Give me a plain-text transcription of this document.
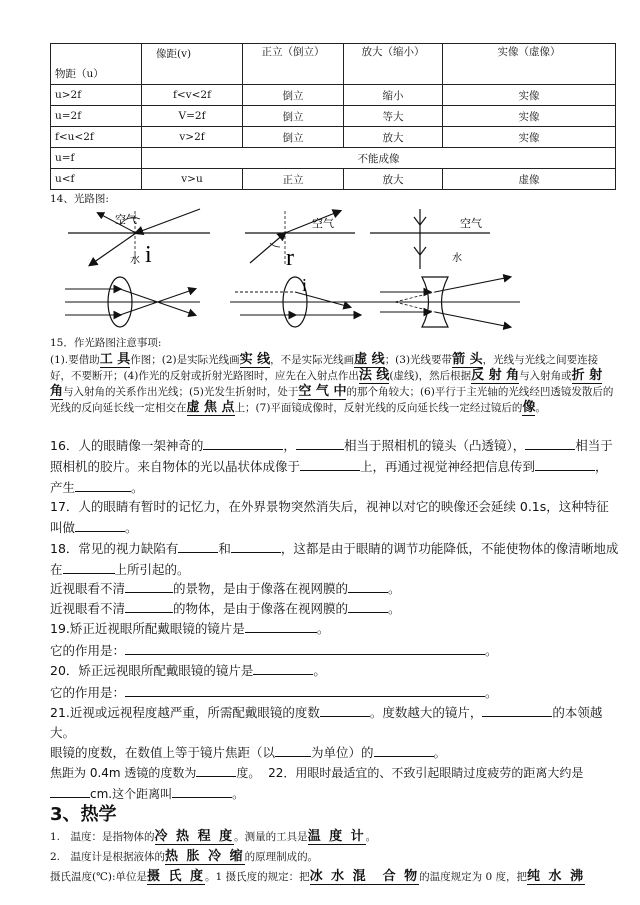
物距（u）	像距(v)	正立（倒立）	放大（缩小）	实像（虚像）
u>2f	f<v<2f	倒立	缩小	实像
u=2f	V=2f	倒立	等大	实像
f<u<2f	v>2f	倒立	放大	实像
u=f	不能成像			
u<f	v>u	正立	放大	虚像
14、光路图:
空气
水 i
空气
r
空气
水
i
15．作光路图注意事项:
(1).要借助工 具作图；(2)是实际光线画实 线，不是实际光线画虚 线；(3)光线要带箭 头，光线与光线之间要连接好，不要断开；(4)作光的反射或折射光路图时，应先在入射点作出法 线(虚线)，然后根据反 射 角与入射角或折 射 角与入射角的关系作出光线；(5)光发生折射时，处于空 气 中的那个角较大；(6)平行于主光轴的光线经凹透镜发散后的光线的反向延长线一定相交在虚 焦 点上；(7)平面镜成像时，反射光线的反向延长线一定经过镜后的像。
16．人的眼睛像一架神奇的	，	相当于照相机的镜头（凸透镜），	相当于照相机的胶片。来自物体的光以晶状体成像于	上，再通过视觉神经把信息传到	，产生	。
17．人的眼睛有暂时的记忆力，在外界景物突然消失后，视神以对它的映像还会延续 0.1s，这种特征叫做	。
18．常见的视力缺陷有	和	，这都是由于眼睛的调节功能降低，不能使物体的像清晰地成在	上所引起的。
近视眼看不清	的景物，是由于像落在视网膜的	。
近视眼看不清	的物体，是由于像落在视网膜的	。
19.矫正近视眼所配戴眼镜的镜片是	。
它的作用是：	。
20．矫正远视眼所配戴眼镜的镜片是	。
它的作用是：	。
21.近视或远视程度越严重，所需配戴眼镜的度数	。度数越大的镜片，	的本领越大。
眼镜的度数，在数值上等于镜片焦距（以	为单位）的	。
焦距为 0.4m 透镜的度数为	度。 22．用眼时最适宜的、不致引起眼睛过度疲劳的距离大约是cm.这个距离叫	。
3、热学
1.　温度：是指物体的冷 热 程 度。测量的工具是温 度 计。
2.　温度计是根据液体的热 胀 冷 缩的原理制成的。
摄氏温度(℃):单位是摄 氏 度。1 摄氏度的规定：把冰 水 混　合 物的温度规定为 0 度，把纯 水 沸
